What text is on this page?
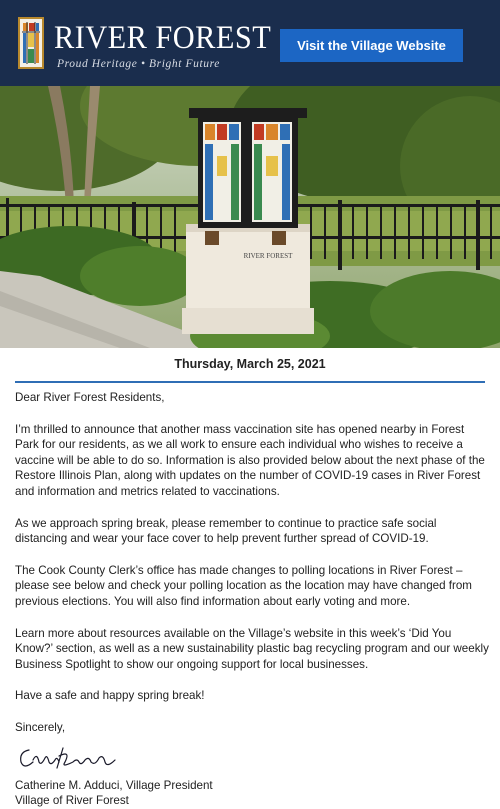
RIVER FOREST
Proud Heritage • Bright Future
Visit the Village Website
RIVER FOREST
Thursday, March 25, 2021

Dear River Forest Residents,

I’m thrilled to announce that another mass vaccination site has opened nearby in Forest Park for our residents, as we all work to ensure each individual who wishes to receive a vaccine will be able to do so. Information is also provided below about the next phase of the Restore Illinois Plan, along with updates on the number of COVID-19 cases in River Forest and information and metrics related to vaccinations.

As we approach spring break, please remember to continue to practice safe social distancing and wear your face cover to help prevent further spread of COVID-19.

The Cook County Clerk’s office has made changes to polling locations in River Forest – please see below and check your polling location as the location may have changed from previous elections. You will also find information about early voting and more.

Learn more about resources available on the Village’s website in this week’s ‘Did You Know?’ section, as well as a new sustainability plastic bag recycling program and our weekly Business Spotlight to show our ongoing support for local businesses.

Have a safe and happy spring break!

Sincerely,

Catherine M. Adduci, Village President

Village of River Forest
